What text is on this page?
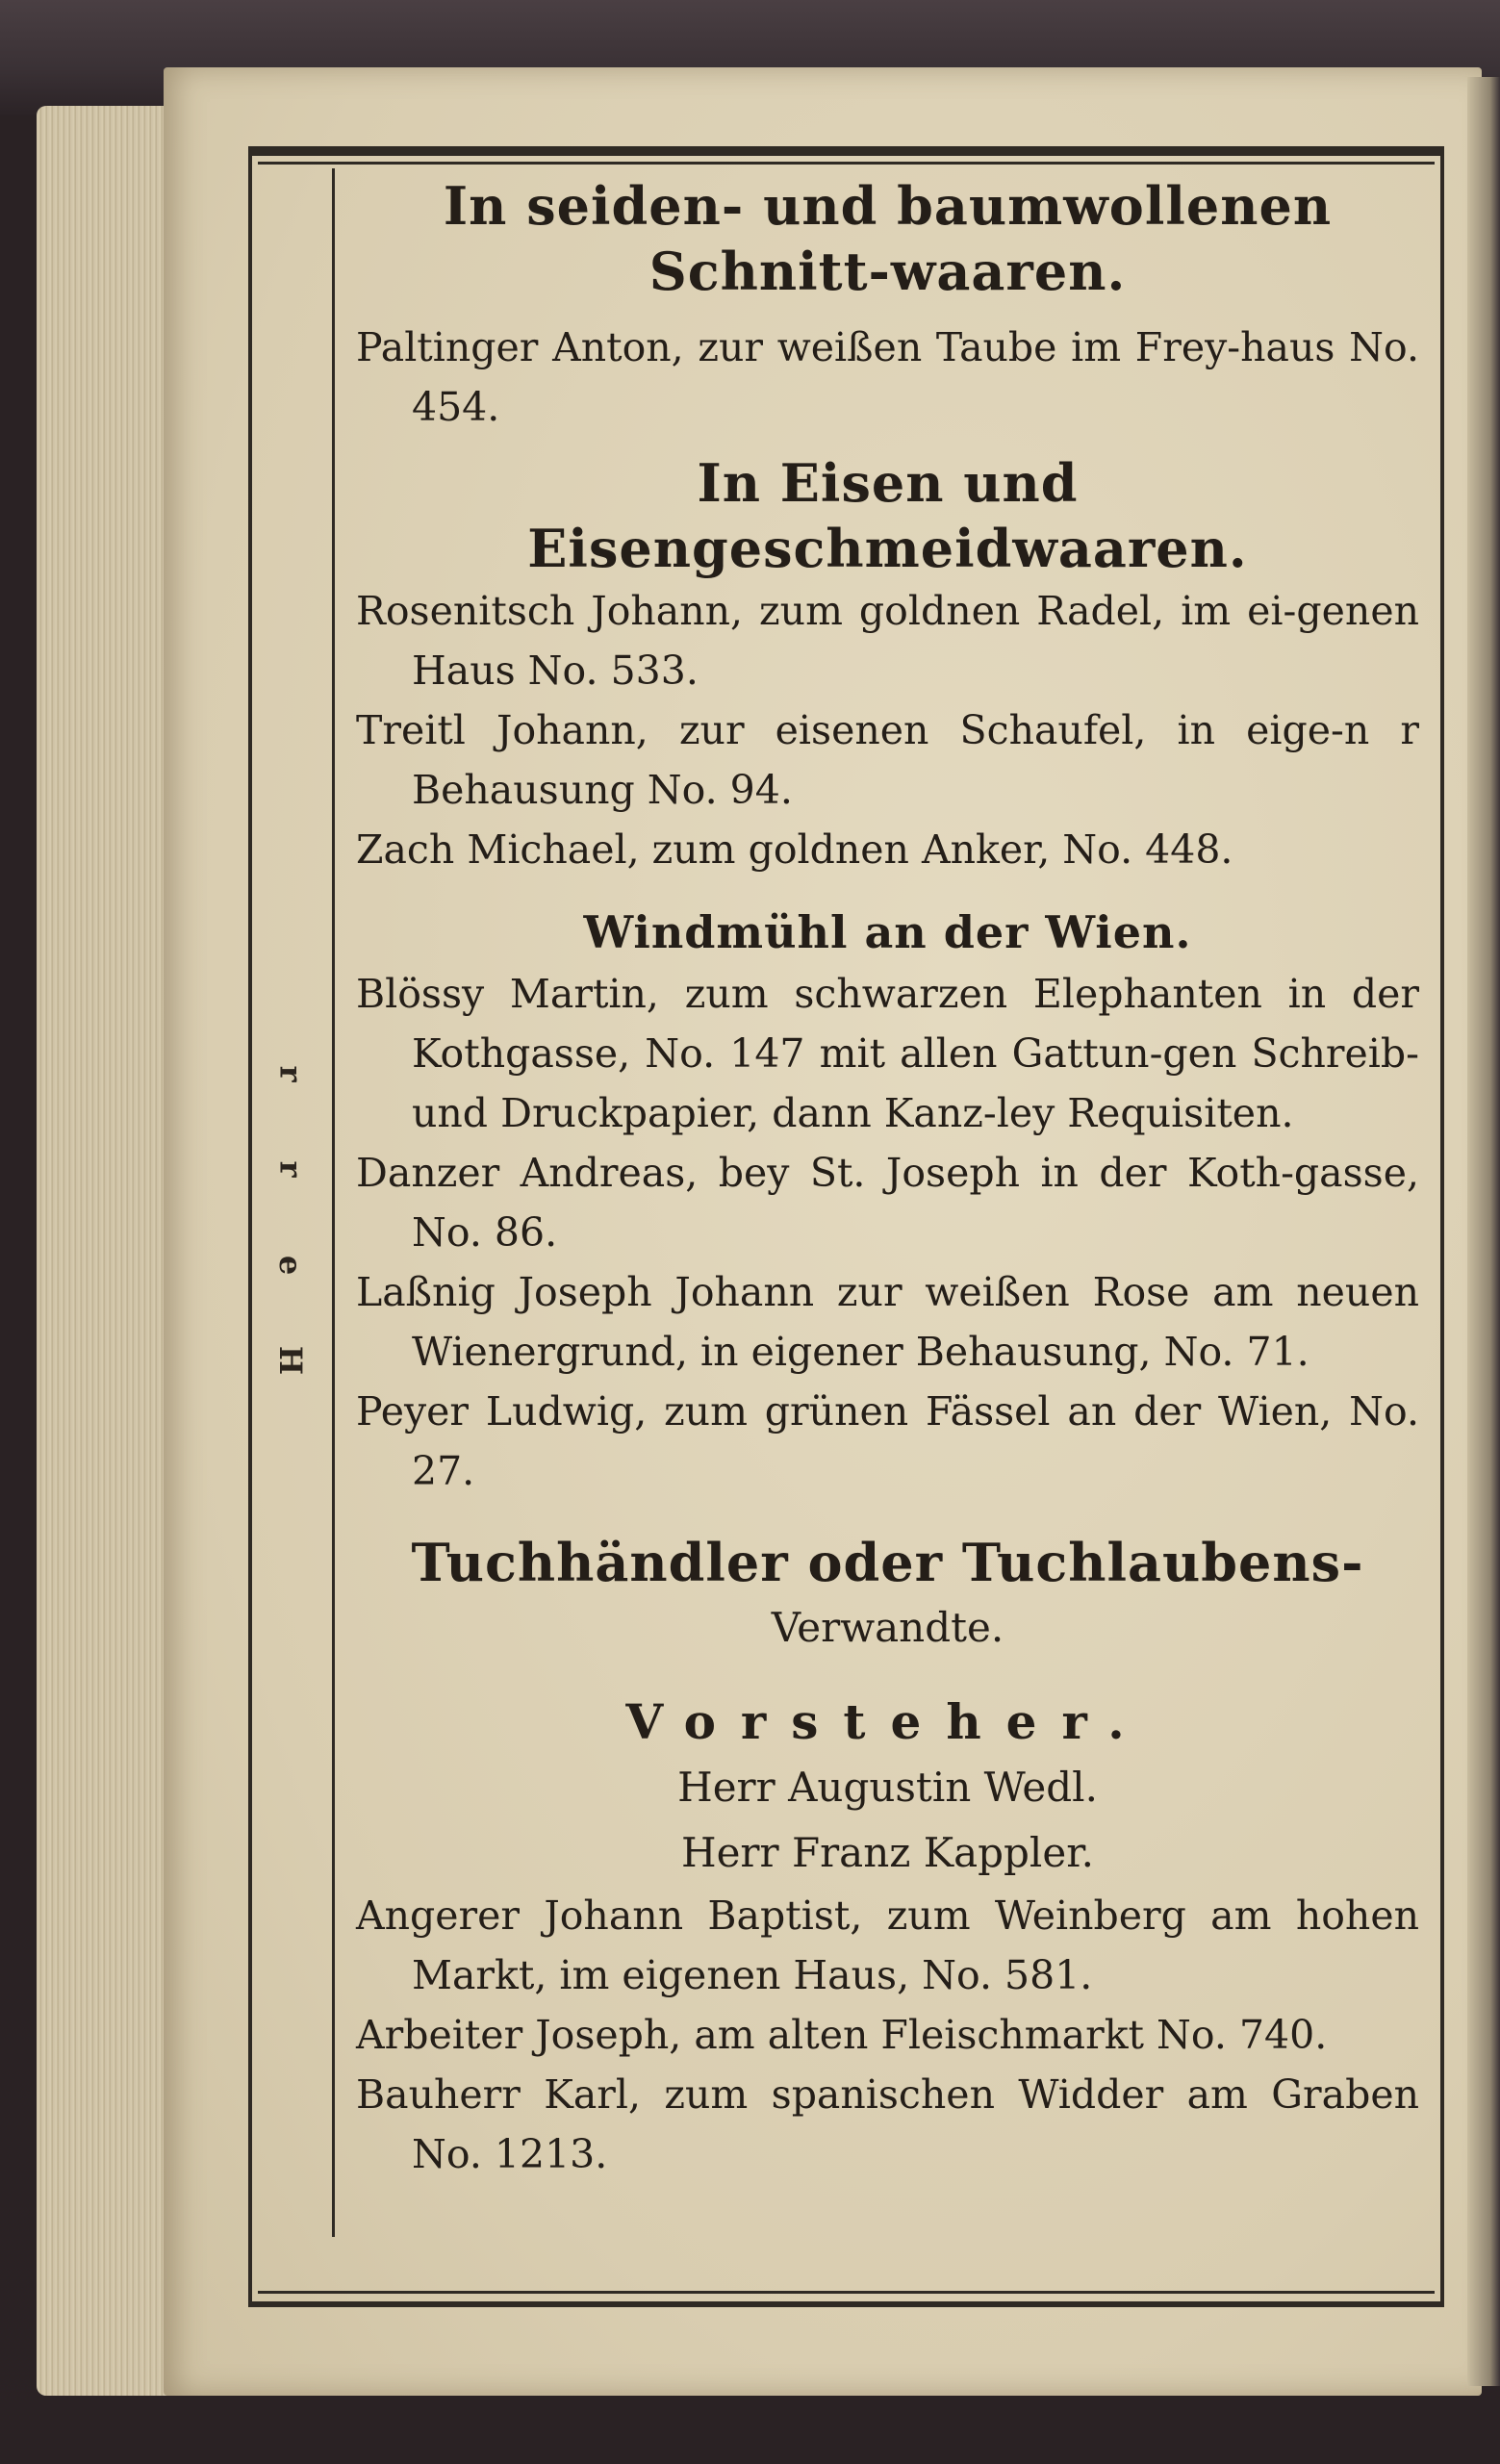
r
r
e
H

In seiden- und baumwollenen Schnitt-waaren.

Paltinger Anton, zur weißen Taube im Frey-haus No. 454.

In Eisen und Eisengeschmeidwaaren.

Rosenitsch Johann, zum goldnen Radel, im ei-genen Haus No. 533.

Treitl Johann, zur eisenen Schaufel, in eige-n r Behausung No. 94.

Zach Michael, zum goldnen Anker, No. 448.

Windmühl an der Wien.

Blössy Martin, zum schwarzen Elephanten in der Kothgasse, No. 147 mit allen Gattun-gen Schreib- und Druckpapier, dann Kanz-ley Requisiten.

Danzer Andreas, bey St. Joseph in der Koth-gasse, No. 86.

Laßnig Joseph Johann zur weißen Rose am neuen Wienergrund, in eigener Behausung, No. 71.

Peyer Ludwig, zum grünen Fässel an der Wien, No. 27.

Tuchhändler oder Tuchlaubens-

Verwandte.

Vorsteher.

Herr Augustin Wedl.

Herr Franz Kappler.

Angerer Johann Baptist, zum Weinberg am hohen Markt, im eigenen Haus, No. 581.

Arbeiter Joseph, am alten Fleischmarkt No. 740.

Bauherr Karl, zum spanischen Widder am Graben No. 1213.
